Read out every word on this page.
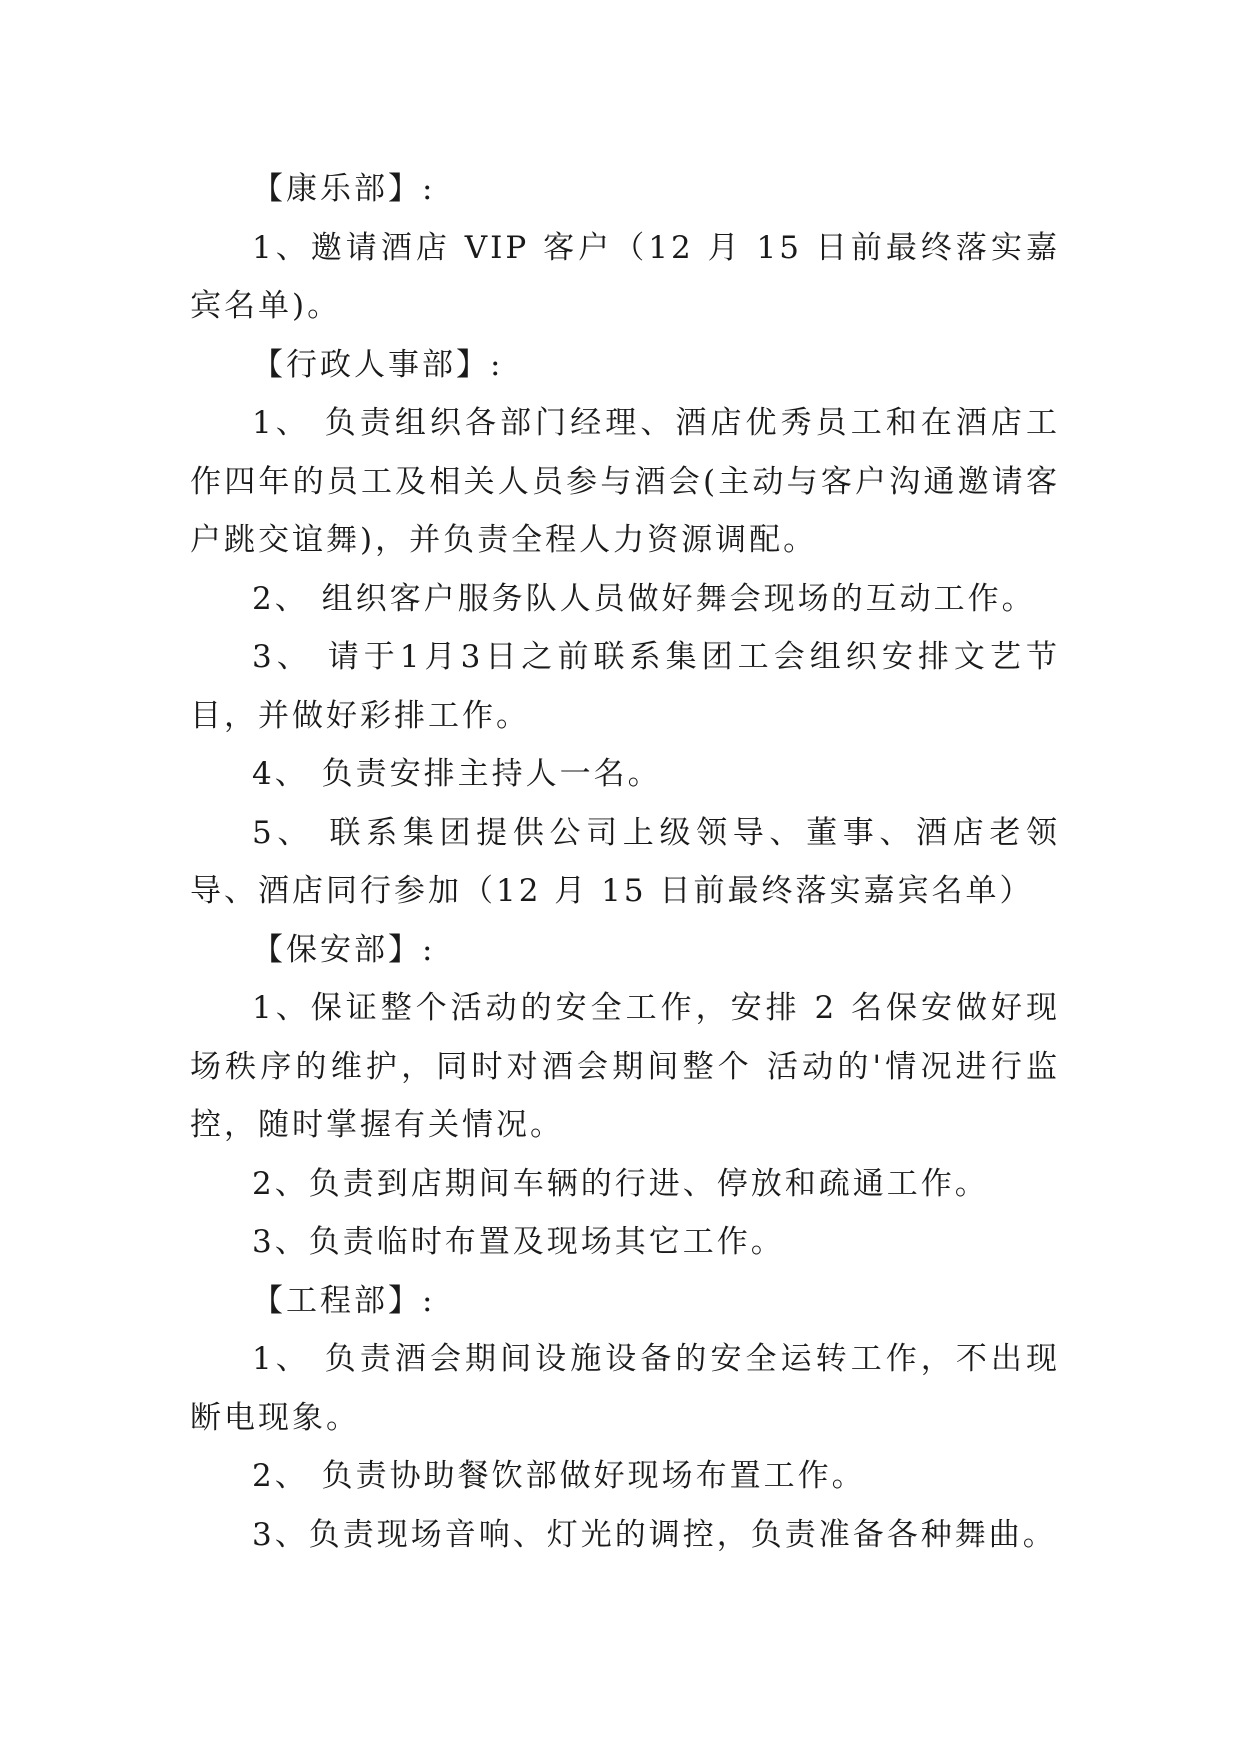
【康乐部】:

1、邀请酒店 VIP 客户（12 月 15 日前最终落实嘉宾名单)。

【行政人事部】:

1、 负责组织各部门经理、酒店优秀员工和在酒店工作四年的员工及相关人员参与酒会(主动与客户沟通邀请客户跳交谊舞)，并负责全程人力资源调配。

2、 组织客户服务队人员做好舞会现场的互动工作。

3、 请于1月3日之前联系集团工会组织安排文艺节目，并做好彩排工作。

4、 负责安排主持人一名。

5、 联系集团提供公司上级领导、董事、酒店老领导、酒店同行参加（12 月 15 日前最终落实嘉宾名单）

【保安部】:

1、保证整个活动的安全工作，安排 2 名保安做好现场秩序的维护，同时对酒会期间整个 活动的'情况进行监控，随时掌握有关情况。

2、负责到店期间车辆的行进、停放和疏通工作。

3、负责临时布置及现场其它工作。

【工程部】:

1、 负责酒会期间设施设备的安全运转工作，不出现断电现象。

2、 负责协助餐饮部做好现场布置工作。

3、负责现场音响、灯光的调控，负责准备各种舞曲。
